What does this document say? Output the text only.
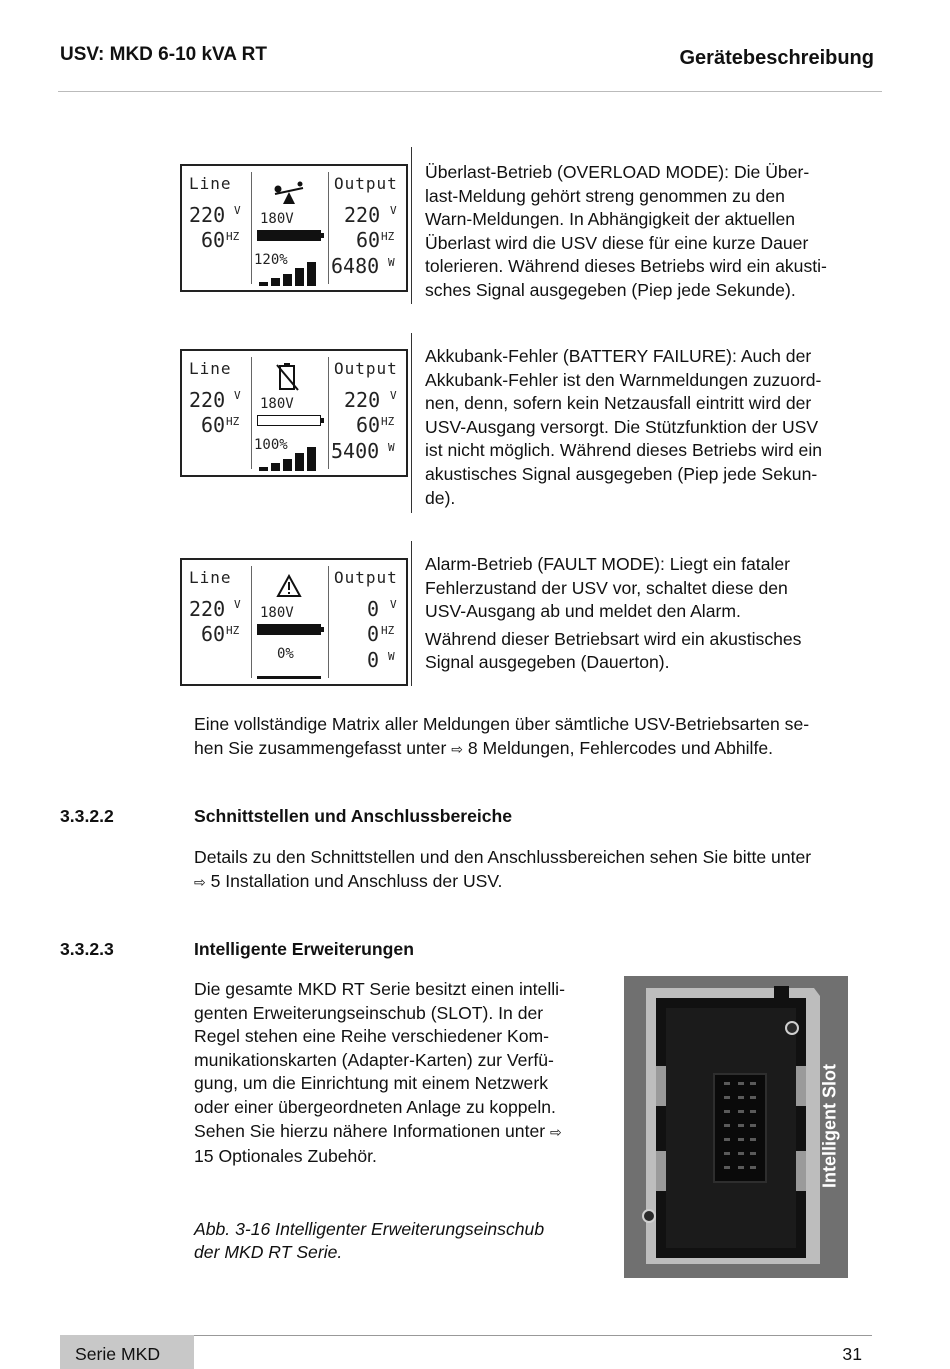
USV: MKD 6-10 kVA RT	Gerätebeschreibung
Line	Output
220 V
60 HZ
180V
120%
220 V
60 HZ
6480 W
Überlast-Betrieb (OVERLOAD MODE): Die Über-
last-Meldung gehört streng genommen zu den
Warn-Meldungen. In Abhängigkeit der aktuellen
Überlast wird die USV diese für eine kurze Dauer
tolerieren. Während dieses Betriebs wird ein akusti-
sches Signal ausgegeben (Piep jede Sekunde).
Line	Output
220 V
60 HZ
180V
100%
220 V
60 HZ
5400 W
Akkubank-Fehler (BATTERY FAILURE): Auch der
Akkubank-Fehler ist den Warnmeldungen zuzuord-
nen, denn, sofern kein Netzausfall eintritt wird der
USV-Ausgang versorgt. Die Stützfunktion der USV
ist nicht möglich. Während dieses Betriebs wird ein
akustisches Signal ausgegeben (Piep jede Sekun-
de).
Line	Output
220 V
60 HZ
180V
0%
0 V
0 HZ
0 W
Alarm-Betrieb (FAULT MODE): Liegt ein fataler
Fehlerzustand der USV vor, schaltet diese den
USV-Ausgang ab und meldet den Alarm.
Während dieser Betriebsart wird ein akustisches
Signal ausgegeben (Dauerton).
Eine vollständige Matrix aller Meldungen über sämtliche USV-Betriebsarten se-
hen Sie zusammengefasst unter ⇨ 8 Meldungen, Fehlercodes und Abhilfe.
3.3.2.2	Schnittstellen und Anschlussbereiche
Details zu den Schnittstellen und den Anschlussbereichen sehen Sie bitte unter
⇨ 5 Installation und Anschluss der USV.
3.3.2.3	Intelligente Erweiterungen
Die gesamte MKD RT Serie besitzt einen intelli-
genten Erweiterungseinschub (SLOT). In der
Regel stehen eine Reihe verschiedener Kom-
munikationskarten (Adapter-Karten) zur Verfü-
gung, um die Einrichtung mit einem Netzwerk
oder einer übergeordneten Anlage zu koppeln.
Sehen Sie hierzu nähere Informationen unter ⇨
15 Optionales Zubehör.
Abb. 3-16 Intelligenter Erweiterungseinschub
der MKD RT Serie.
Intelligent Slot
Serie MKD	31
